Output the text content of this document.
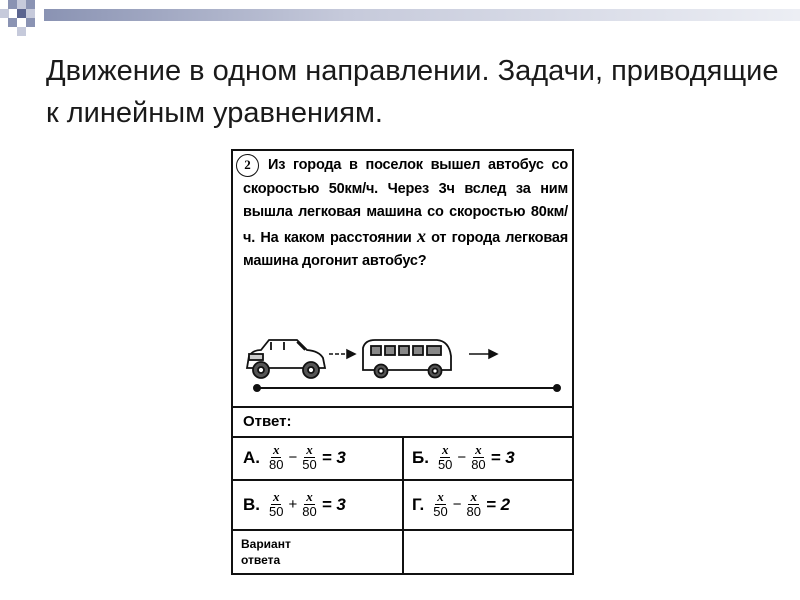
Движение в одном направлении. Задачи, приводящие к линейным уравнениям.
2	Из города в поселок вышел автобус со скоростью 50км/ч. Через 3ч вслед за ним вышла легковая машина со скоростью 80км/ч. На каком расстоянии x от города легковая машина догонит автобус?
Ответ:
А. $\frac{x}{80} - \frac{x}{50} = 3$	Б. $\frac{x}{50} - \frac{x}{80} = 3$
В. $\frac{x}{50} + \frac{x}{80} = 3$	Г. $\frac{x}{50} - \frac{x}{80} = 2$
Вариант ответа
